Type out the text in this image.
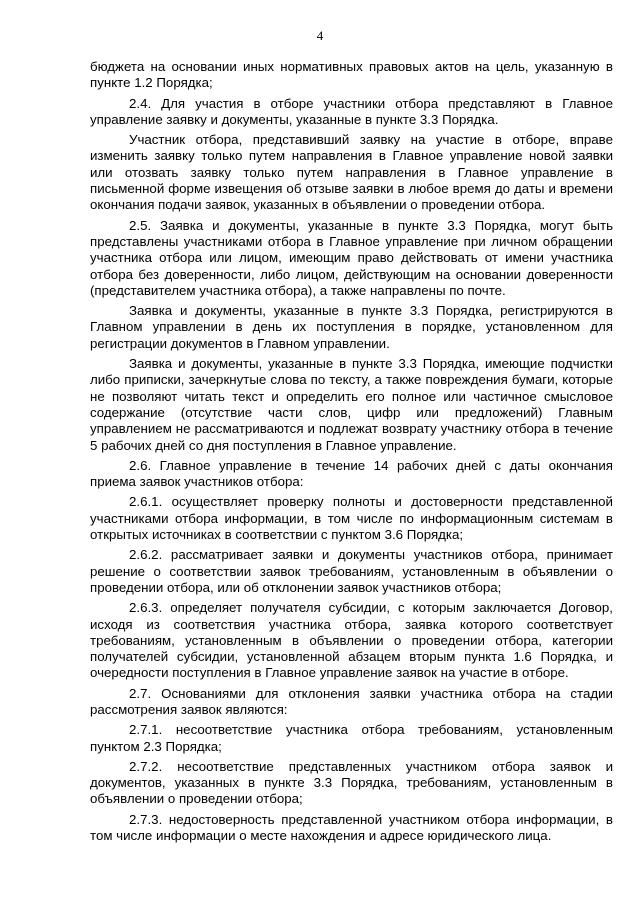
4

бюджета на основании иных нормативных правовых актов на цель, указанную в пункте 1.2 Порядка;

2.4. Для участия в отборе участники отбора представляют в Главное управление заявку и документы, указанные в пункте 3.3 Порядка.

Участник отбора, представивший заявку на участие в отборе, вправе изменить заявку только путем направления в Главное управление новой заявки или отозвать заявку только путем направления в Главное управление в письменной форме извещения об отзыве заявки в любое время до даты и времени окончания подачи заявок, указанных в объявлении о проведении отбора.

2.5. Заявка и документы, указанные в пункте 3.3 Порядка, могут быть представлены участниками отбора в Главное управление при личном обращении участника отбора или лицом, имеющим право действовать от имени участника отбора без доверенности, либо лицом, действующим на основании доверенности (представителем участника отбора), а также направлены по почте.

Заявка и документы, указанные в пункте 3.3 Порядка, регистрируются в Главном управлении в день их поступления в порядке, установленном для регистрации документов в Главном управлении.

Заявка и документы, указанные в пункте 3.3 Порядка, имеющие подчистки либо приписки, зачеркнутые слова по тексту, а также повреждения бумаги, которые не позволяют читать текст и определить его полное или частичное смысловое содержание (отсутствие части слов, цифр или предложений) Главным управлением не рассматриваются и подлежат возврату участнику отбора в течение 5 рабочих дней со дня поступления в Главное управление.

2.6. Главное управление в течение 14 рабочих дней с даты окончания приема заявок участников отбора:

2.6.1. осуществляет проверку полноты и достоверности представленной участниками отбора информации, в том числе по информационным системам в открытых источниках в соответствии с пунктом 3.6 Порядка;

2.6.2. рассматривает заявки и документы участников отбора, принимает решение о соответствии заявок требованиям, установленным в объявлении о проведении отбора, или об отклонении заявок участников отбора;

2.6.3. определяет получателя субсидии, с которым заключается Договор, исходя из соответствия участника отбора, заявка которого соответствует требованиям, установленным в объявлении о проведении отбора, категории получателей субсидии, установленной абзацем вторым пункта 1.6 Порядка, и очередности поступления в Главное управление заявок на участие в отборе.

2.7. Основаниями для отклонения заявки участника отбора на стадии рассмотрения заявок являются:

2.7.1. несоответствие участника отбора требованиям, установленным пунктом 2.3 Порядка;

2.7.2. несоответствие представленных участником отбора заявок и документов, указанных в пункте 3.3 Порядка, требованиям, установленным в объявлении о проведении отбора;

2.7.3. недостоверность представленной участником отбора информации, в том числе информации о месте нахождения и адресе юридического лица.
